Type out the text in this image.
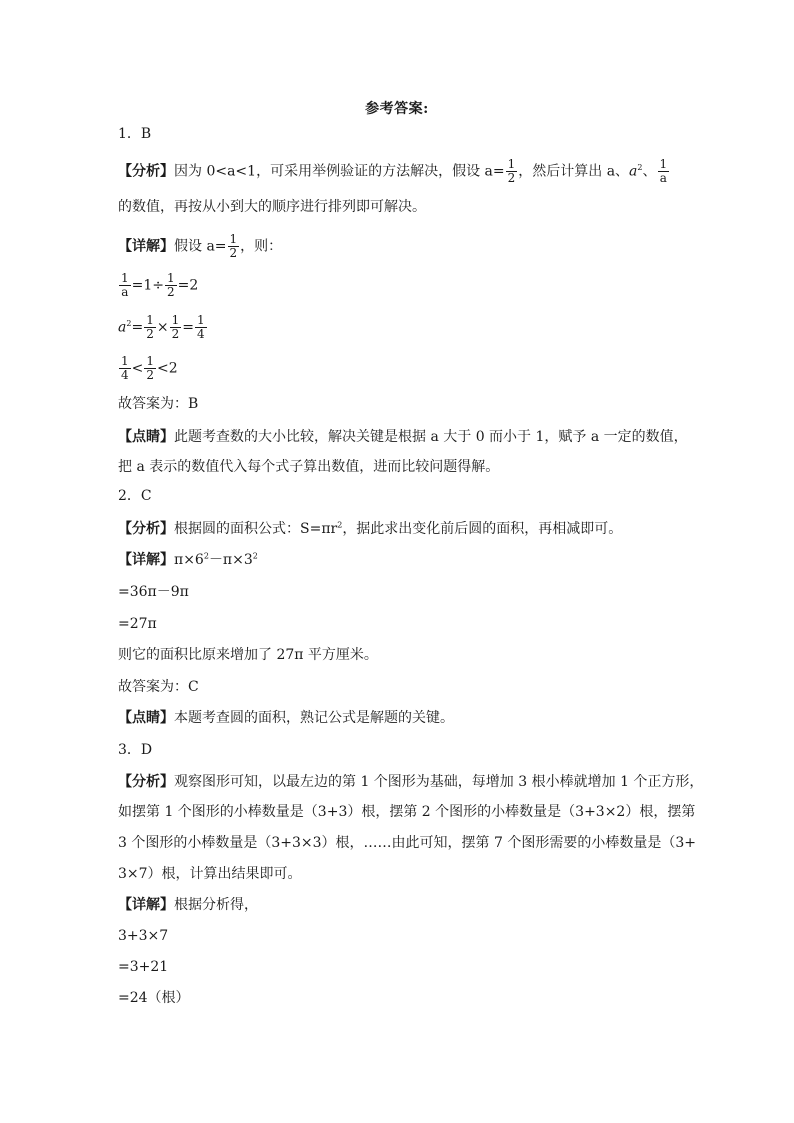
参考答案:
1．B
【分析】因为 0<a<1，可采用举例验证的方法解决，假设 $a= \frac{1}{2}$ ，然后计算出 a、$a^2$、 $\frac{1}{a}$
的数值，再按从小到大的顺序进行排列即可解决。
【详解】假设 $a= \frac{1}{2}$ ，则：
$\frac{1}{a} =1\div \frac{1}{2} =2$
$a^2= \frac{1}{2} \times \frac{1}{2} = \frac{1}{4}$
$\frac{1}{4} < \frac{1}{2} <2$
故答案为：B
【点睛】此题考查数的大小比较，解决关键是根据 a 大于 0 而小于 1，赋予 a 一定的数值，
把 a 表示的数值代入每个式子算出数值，进而比较问题得解。
2．C
【分析】根据圆的面积公式：$S=\pi r^2$，据此求出变化前后圆的面积，再相减即可。
【详解】$\pi\times 6^2-\pi\times 3^2$
=36π－9π
=27π
则它的面积比原来增加了 27π 平方厘米。
故答案为：C
【点睛】本题考查圆的面积，熟记公式是解题的关键。
3．D
【分析】观察图形可知，以最左边的第 1 个图形为基础，每增加 3 根小棒就增加 1 个正方形，
如摆第 1 个图形的小棒数量是（3+3）根，摆第 2 个图形的小棒数量是（3+3×2）根，摆第
3 个图形的小棒数量是（3+3×3）根，……由此可知，摆第 7 个图形需要的小棒数量是（3+
3×7）根，计算出结果即可。
【详解】根据分析得，
3+3×7
=3+21
=24（根）
